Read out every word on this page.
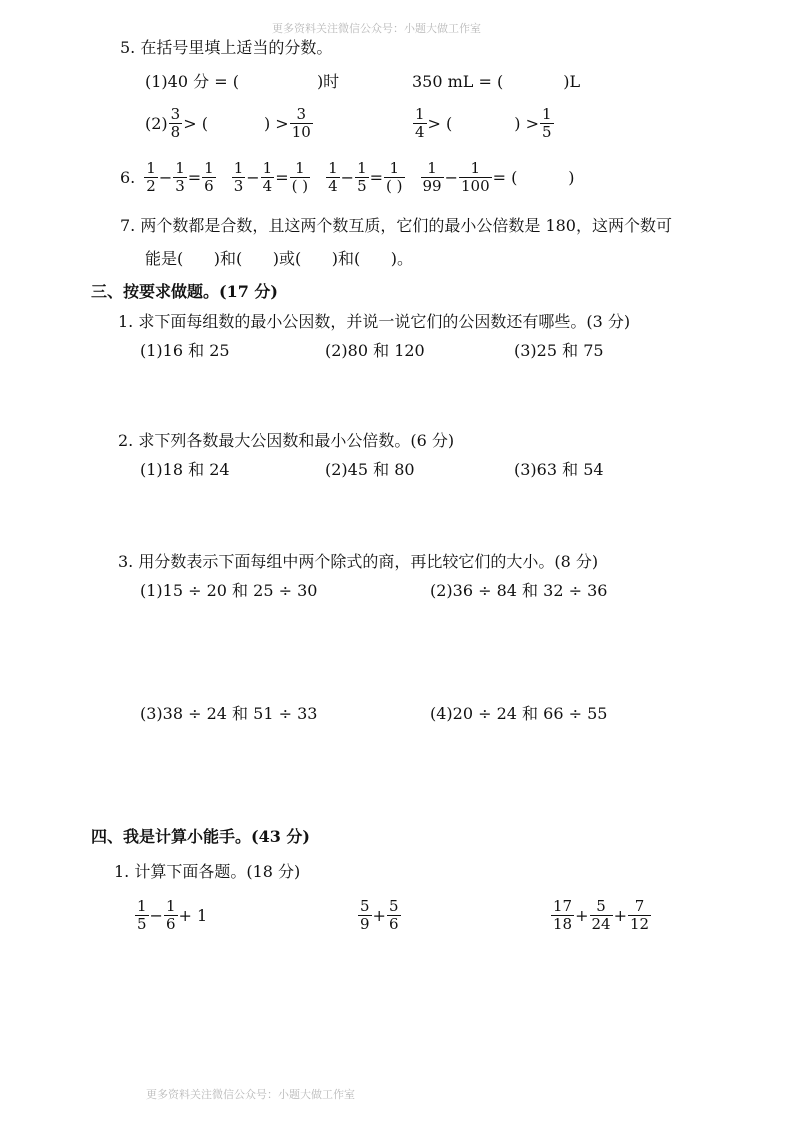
更多资料关注微信公众号：小题大做工作室
5. 在括号里填上适当的分数。
(1)40 分 = (	)时	350 mL = (	)L
$(2) \frac{3}{8}$ > (	) > $\frac{3}{10}$	$\frac{1}{4}$ > (	) > $\frac{1}{5}$
6. $\frac{1}{2} - \frac{1}{3} = \frac{1}{6} \frac{1}{3} - \frac{1}{4} = \frac{1}{( )} \frac{1}{4} - \frac{1}{5} = \frac{1}{( )} \frac{1}{99} - \frac{1}{100}$ = (          )
7. 两个数都是合数，且这两个数互质，它们的最小公倍数是 180，这两个数可
能是(      )和(      )或(      )和(      )。
三、按要求做题。(17 分)
1. 求下面每组数的最小公因数，并说一说它们的公因数还有哪些。(3 分)
(1)16 和 25	(2)80 和 120	(3)25 和 75
2. 求下列各数最大公因数和最小公倍数。(6 分)
(1)18 和 24	(2)45 和 80	(3)63 和 54
3. 用分数表示下面每组中两个除式的商，再比较它们的大小。(8 分)
(1)15 ÷ 20 和 25 ÷ 30	(2)36 ÷ 84 和 32 ÷ 36
(3)38 ÷ 24 和 51 ÷ 33	(4)20 ÷ 24 和 66 ÷ 55
四、我是计算小能手。(43 分)
1. 计算下面各题。(18 分)
$\frac{1}{5} - \frac{1}{6} + 1$	$\frac{5}{9} + \frac{5}{6}$	$\frac{17}{18} + \frac{5}{24} + \frac{7}{12}$
更多资料关注微信公众号：小题大做工作室
